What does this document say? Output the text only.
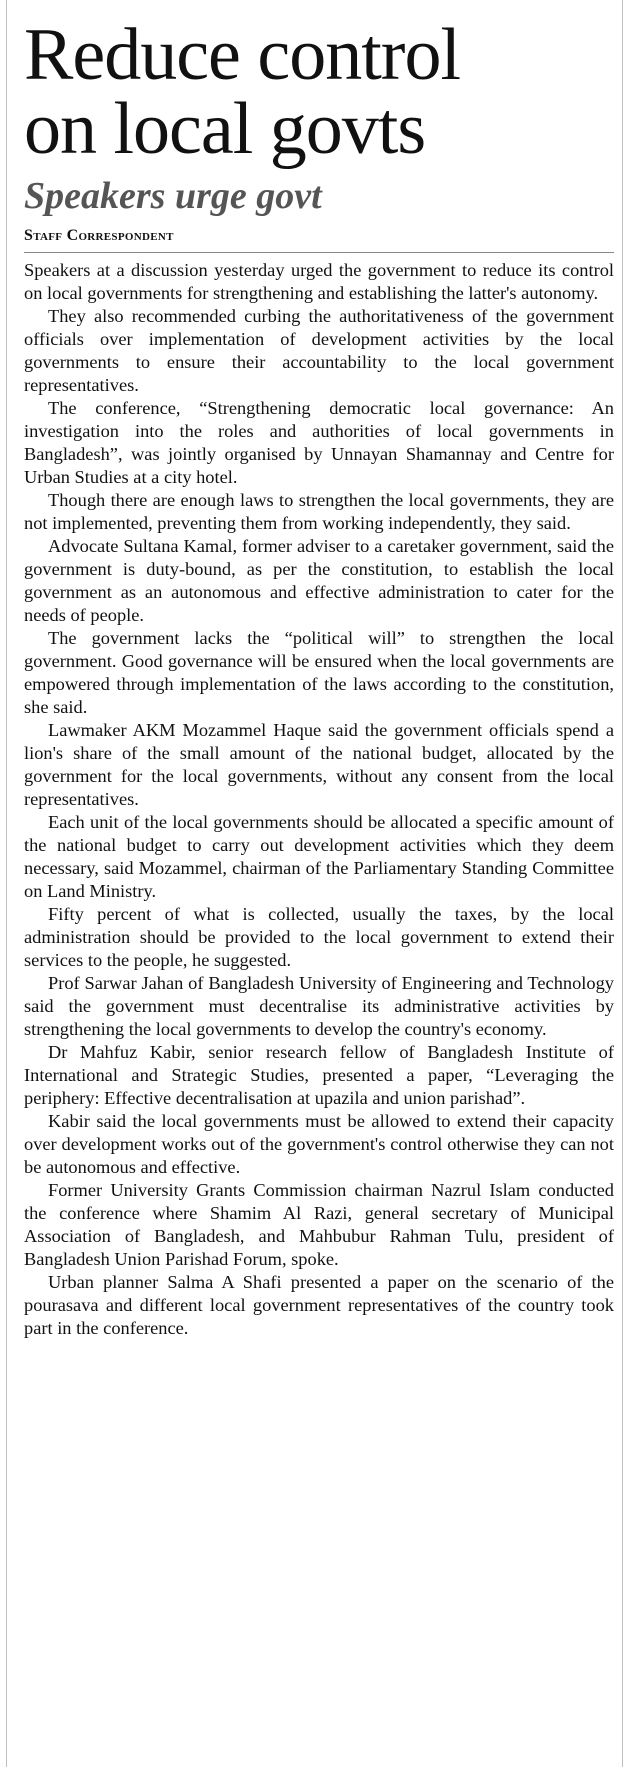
Reduce control
on local govts
Speakers urge govt
Staff Correspondent

Speakers at a discussion yesterday urged the government to reduce its control on local governments for strengthening and establishing the latter's autonomy.

They also recommended curbing the authoritativeness of the government officials over implementation of development activities by the local governments to ensure their accountability to the local government representatives.

The conference, “Strengthening democratic local governance: An investigation into the roles and authorities of local governments in Bangladesh”, was jointly organised by Unnayan Shamannay and Centre for Urban Studies at a city hotel.

Though there are enough laws to strengthen the local governments, they are not implemented, preventing them from working independently, they said.

Advocate Sultana Kamal, former adviser to a caretaker government, said the government is duty-bound, as per the constitution, to establish the local government as an autonomous and effective administration to cater for the needs of people.

The government lacks the “political will” to strengthen the local government. Good governance will be ensured when the local governments are empowered through implementation of the laws according to the constitution, she said.

Lawmaker AKM Mozammel Haque said the government officials spend a lion's share of the small amount of the national budget, allocated by the government for the local governments, without any consent from the local representatives.

Each unit of the local governments should be allocated a specific amount of the national budget to carry out development activities which they deem necessary, said Mozammel, chairman of the Parliamentary Standing Committee on Land Ministry.

Fifty percent of what is collected, usually the taxes, by the local administration should be provided to the local government to extend their services to the people, he suggested.

Prof Sarwar Jahan of Bangladesh University of Engineering and Technology said the government must decentralise its administrative activities by strengthening the local governments to develop the country's economy.

Dr Mahfuz Kabir, senior research fellow of Bangladesh Institute of International and Strategic Studies, presented a paper, “Leveraging the periphery: Effective decentralisation at upazila and union parishad”.

Kabir said the local governments must be allowed to extend their capacity over development works out of the government's control otherwise they can not be autonomous and effective.

Former University Grants Commission chairman Nazrul Islam conducted the conference where Shamim Al Razi, general secretary of Municipal Association of Bangladesh, and Mahbubur Rahman Tulu, president of Bangladesh Union Parishad Forum, spoke.

Urban planner Salma A Shafi presented a paper on the scenario of the pourasava and different local government representatives of the country took part in the conference.
